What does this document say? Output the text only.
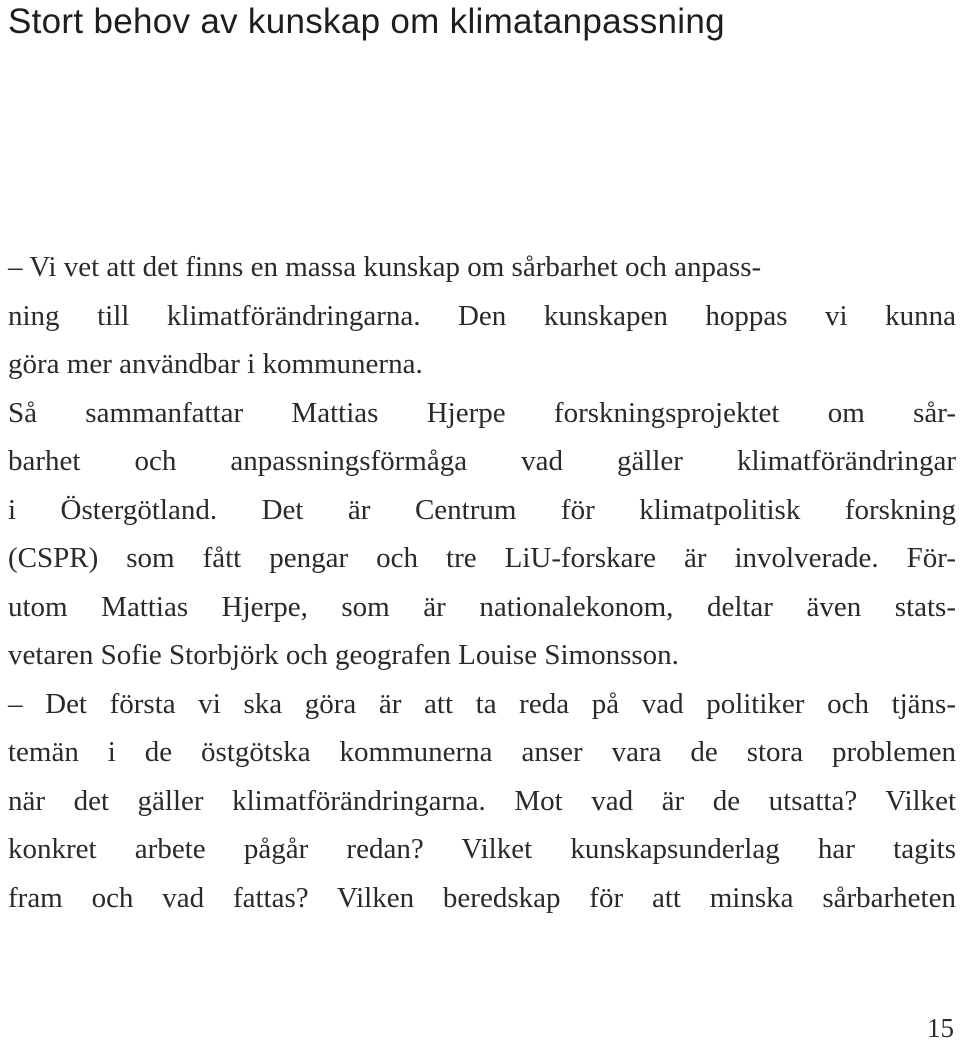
Stort behov av kunskap om klimatanpassning
– Vi vet att det finns en massa kunskap om sårbarhet och anpass-
ning till klimatförändringarna. Den kunskapen hoppas vi kunna
göra mer användbar i kommunerna.
Så sammanfattar Mattias Hjerpe forskningsprojektet om sår-
barhet och anpassningsförmåga vad gäller klimatförändringar
i Östergötland. Det är Centrum för klimatpolitisk forskning
(CSPR) som fått pengar och tre LiU-forskare är involverade. För-
utom Mattias Hjerpe, som är nationalekonom, deltar även stats-
vetaren Sofie Storbjörk och geografen Louise Simonsson.
– Det första vi ska göra är att ta reda på vad politiker och tjäns-
temän i de östgötska kommunerna anser vara de stora problemen
när det gäller klimatförändringarna. Mot vad är de utsatta? Vilket
konkret arbete pågår redan? Vilket kunskapsunderlag har tagits
fram och vad fattas? Vilken beredskap för att minska sårbarheten
15
